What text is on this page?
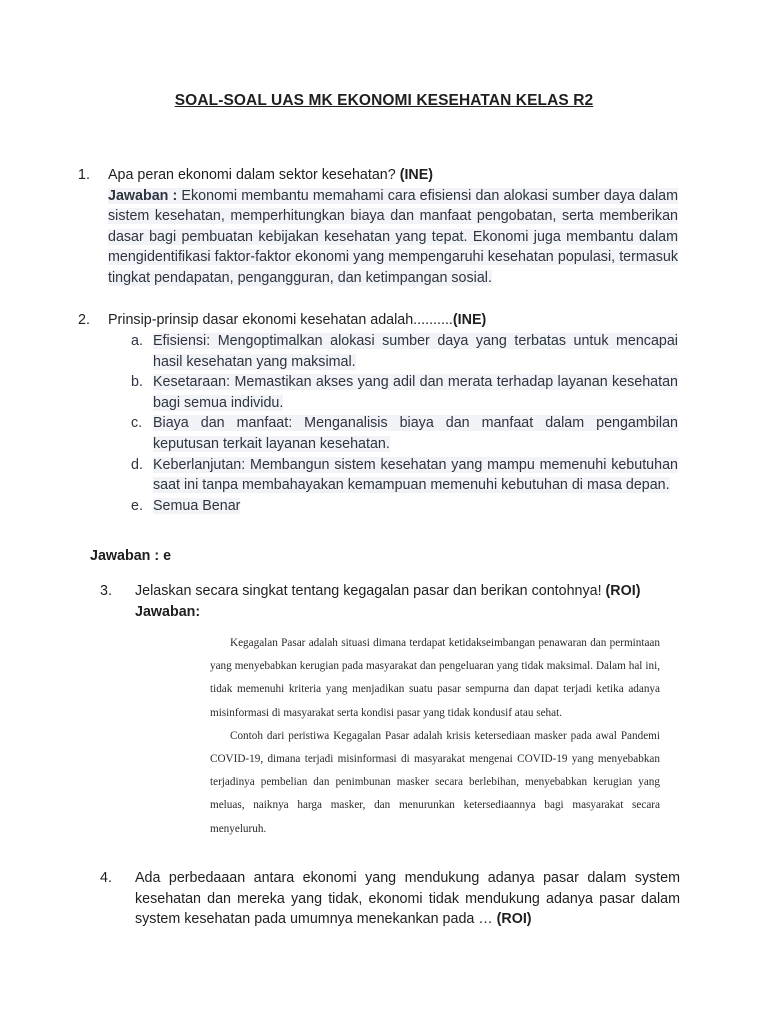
SOAL-SOAL UAS MK EKONOMI KESEHATAN KELAS R2
1. Apa peran ekonomi dalam sektor kesehatan? (INE)
Jawaban : Ekonomi membantu memahami cara efisiensi dan alokasi sumber daya dalam sistem kesehatan, memperhitungkan biaya dan manfaat pengobatan, serta memberikan dasar bagi pembuatan kebijakan kesehatan yang tepat. Ekonomi juga membantu dalam mengidentifikasi faktor-faktor ekonomi yang mempengaruhi kesehatan populasi, termasuk tingkat pendapatan, pengangguran, dan ketimpangan sosial.
2. Prinsip-prinsip dasar ekonomi kesehatan adalah..........(INE)
a. Efisiensi: Mengoptimalkan alokasi sumber daya yang terbatas untuk mencapai hasil kesehatan yang maksimal.
b. Kesetaraan: Memastikan akses yang adil dan merata terhadap layanan kesehatan bagi semua individu.
c. Biaya dan manfaat: Menganalisis biaya dan manfaat dalam pengambilan keputusan terkait layanan kesehatan.
d. Keberlanjutan: Membangun sistem kesehatan yang mampu memenuhi kebutuhan saat ini tanpa membahayakan kemampuan memenuhi kebutuhan di masa depan.
e. Semua Benar
Jawaban : e
3. Jelaskan secara singkat tentang kegagalan pasar dan berikan contohnya! (ROI)
Jawaban:

Kegagalan Pasar adalah situasi dimana terdapat ketidakseimbangan penawaran dan permintaan yang menyebabkan kerugian pada masyarakat dan pengeluaran yang tidak maksimal. Dalam hal ini, tidak memenuhi kriteria yang menjadikan suatu pasar sempurna dan dapat terjadi ketika adanya misinformasi di masyarakat serta kondisi pasar yang tidak kondusif atau sehat.

Contoh dari peristiwa Kegagalan Pasar adalah krisis ketersediaan masker pada awal Pandemi COVID-19, dimana terjadi misinformasi di masyarakat mengenai COVID-19 yang menyebabkan terjadinya pembelian dan penimbunan masker secara berlebihan, menyebabkan kerugian yang meluas, naiknya harga masker, dan menurunkan ketersediaannya bagi masyarakat secara menyeluruh.

4. Ada perbedaaan antara ekonomi yang mendukung adanya pasar dalam system kesehatan dan mereka yang tidak, ekonomi tidak mendukung adanya pasar dalam system kesehatan pada umumnya menekankan pada … (ROI)
